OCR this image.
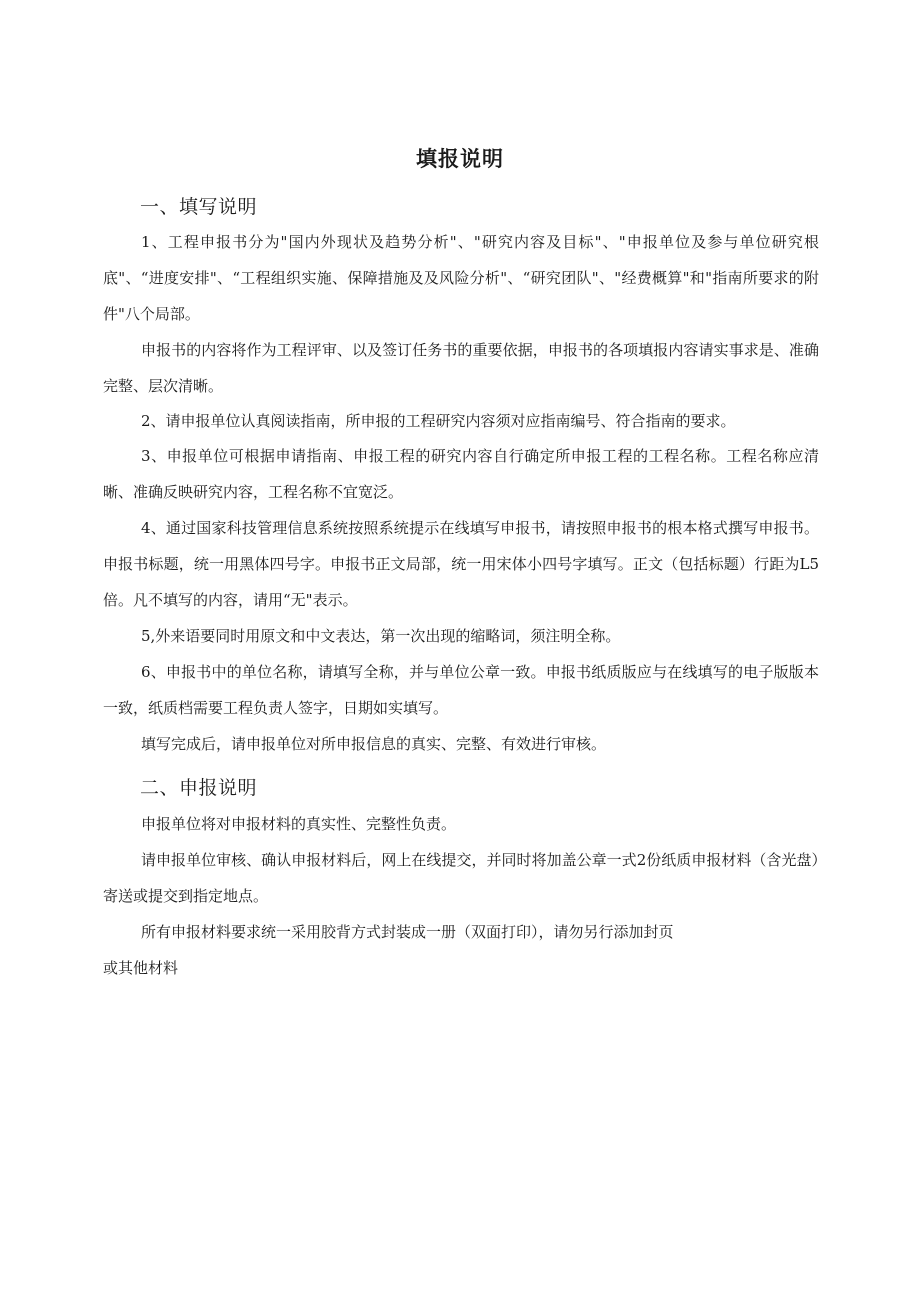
填报说明
一、填写说明

1、工程申报书分为"国内外现状及趋势分析"、"研究内容及目标"、"申报单位及参与单位研究根底"、“进度安排"、“工程组织实施、保障措施及及风险分析"、“研究团队"、"经费概算"和"指南所要求的附件"八个局部。

申报书的内容将作为工程评审、以及签订任务书的重要依据，申报书的各项填报内容请实事求是、准确完整、层次清晰。

2、请申报单位认真阅读指南，所申报的工程研究内容须对应指南编号、符合指南的要求。

3、申报单位可根据申请指南、申报工程的研究内容自行确定所申报工程的工程名称。工程名称应清晰、准确反映研究内容，工程名称不宜宽泛。

4、通过国家科技管理信息系统按照系统提示在线填写申报书，请按照申报书的根本格式撰写申报书。申报书标题，统一用黑体四号字。申报书正文局部，统一用宋体小四号字填写。正文（包括标题）行距为L5倍。凡不填写的内容，请用“无"表示。

5,外来语要同时用原文和中文表达，第一次出现的缩略词，须注明全称。

6、申报书中的单位名称，请填写全称，并与单位公章一致。申报书纸质版应与在线填写的电子版版本一致，纸质档需要工程负责人签字，日期如实填写。

填写完成后，请申报单位对所申报信息的真实、完整、有效进行审核。

二、申报说明

申报单位将对申报材料的真实性、完整性负责。

请申报单位审核、确认申报材料后，网上在线提交，并同时将加盖公章一式2份纸质申报材料（含光盘）寄送或提交到指定地点。

所有申报材料要求统一采用胶背方式封装成一册（双面打印），请勿另行添加封页

或其他材料
